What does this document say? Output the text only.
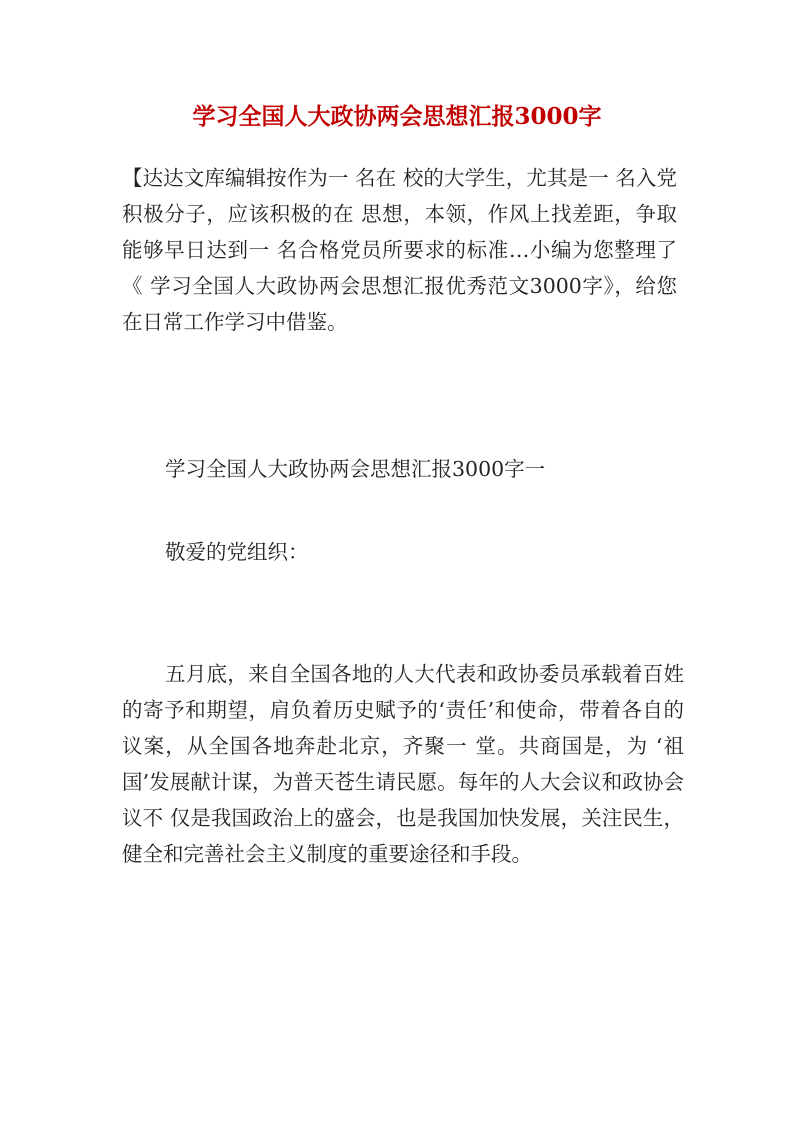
学习全国人大政协两会思想汇报3000字
【达达文库编辑按作为一 名在 校的大学生，尤其是一 名入党积极分子，应该积极的在 思想，本领，作风上找差距，争取能够早日达到一 名合格党员所要求的标准…小编为您整理了《 学习全国人大政协两会思想汇报优秀范文3000字》，给您在日常工作学习中借鉴。
学习全国人大政协两会思想汇报3000字一
敬爱的党组织：
五月底，来自全国各地的人大代表和政协委员承载着百姓的寄予和期望，肩负着历史赋予的‘责任’和使命，带着各自的议案，从全国各地奔赴北京，齐聚一 堂。共商国是，为 ‘祖国’发展献计谋，为普天苍生请民愿。每年的人大会议和政协会议不 仅是我国政治上的盛会，也是我国加快发展，关注民生，健全和完善社会主义制度的重要途径和手段。
